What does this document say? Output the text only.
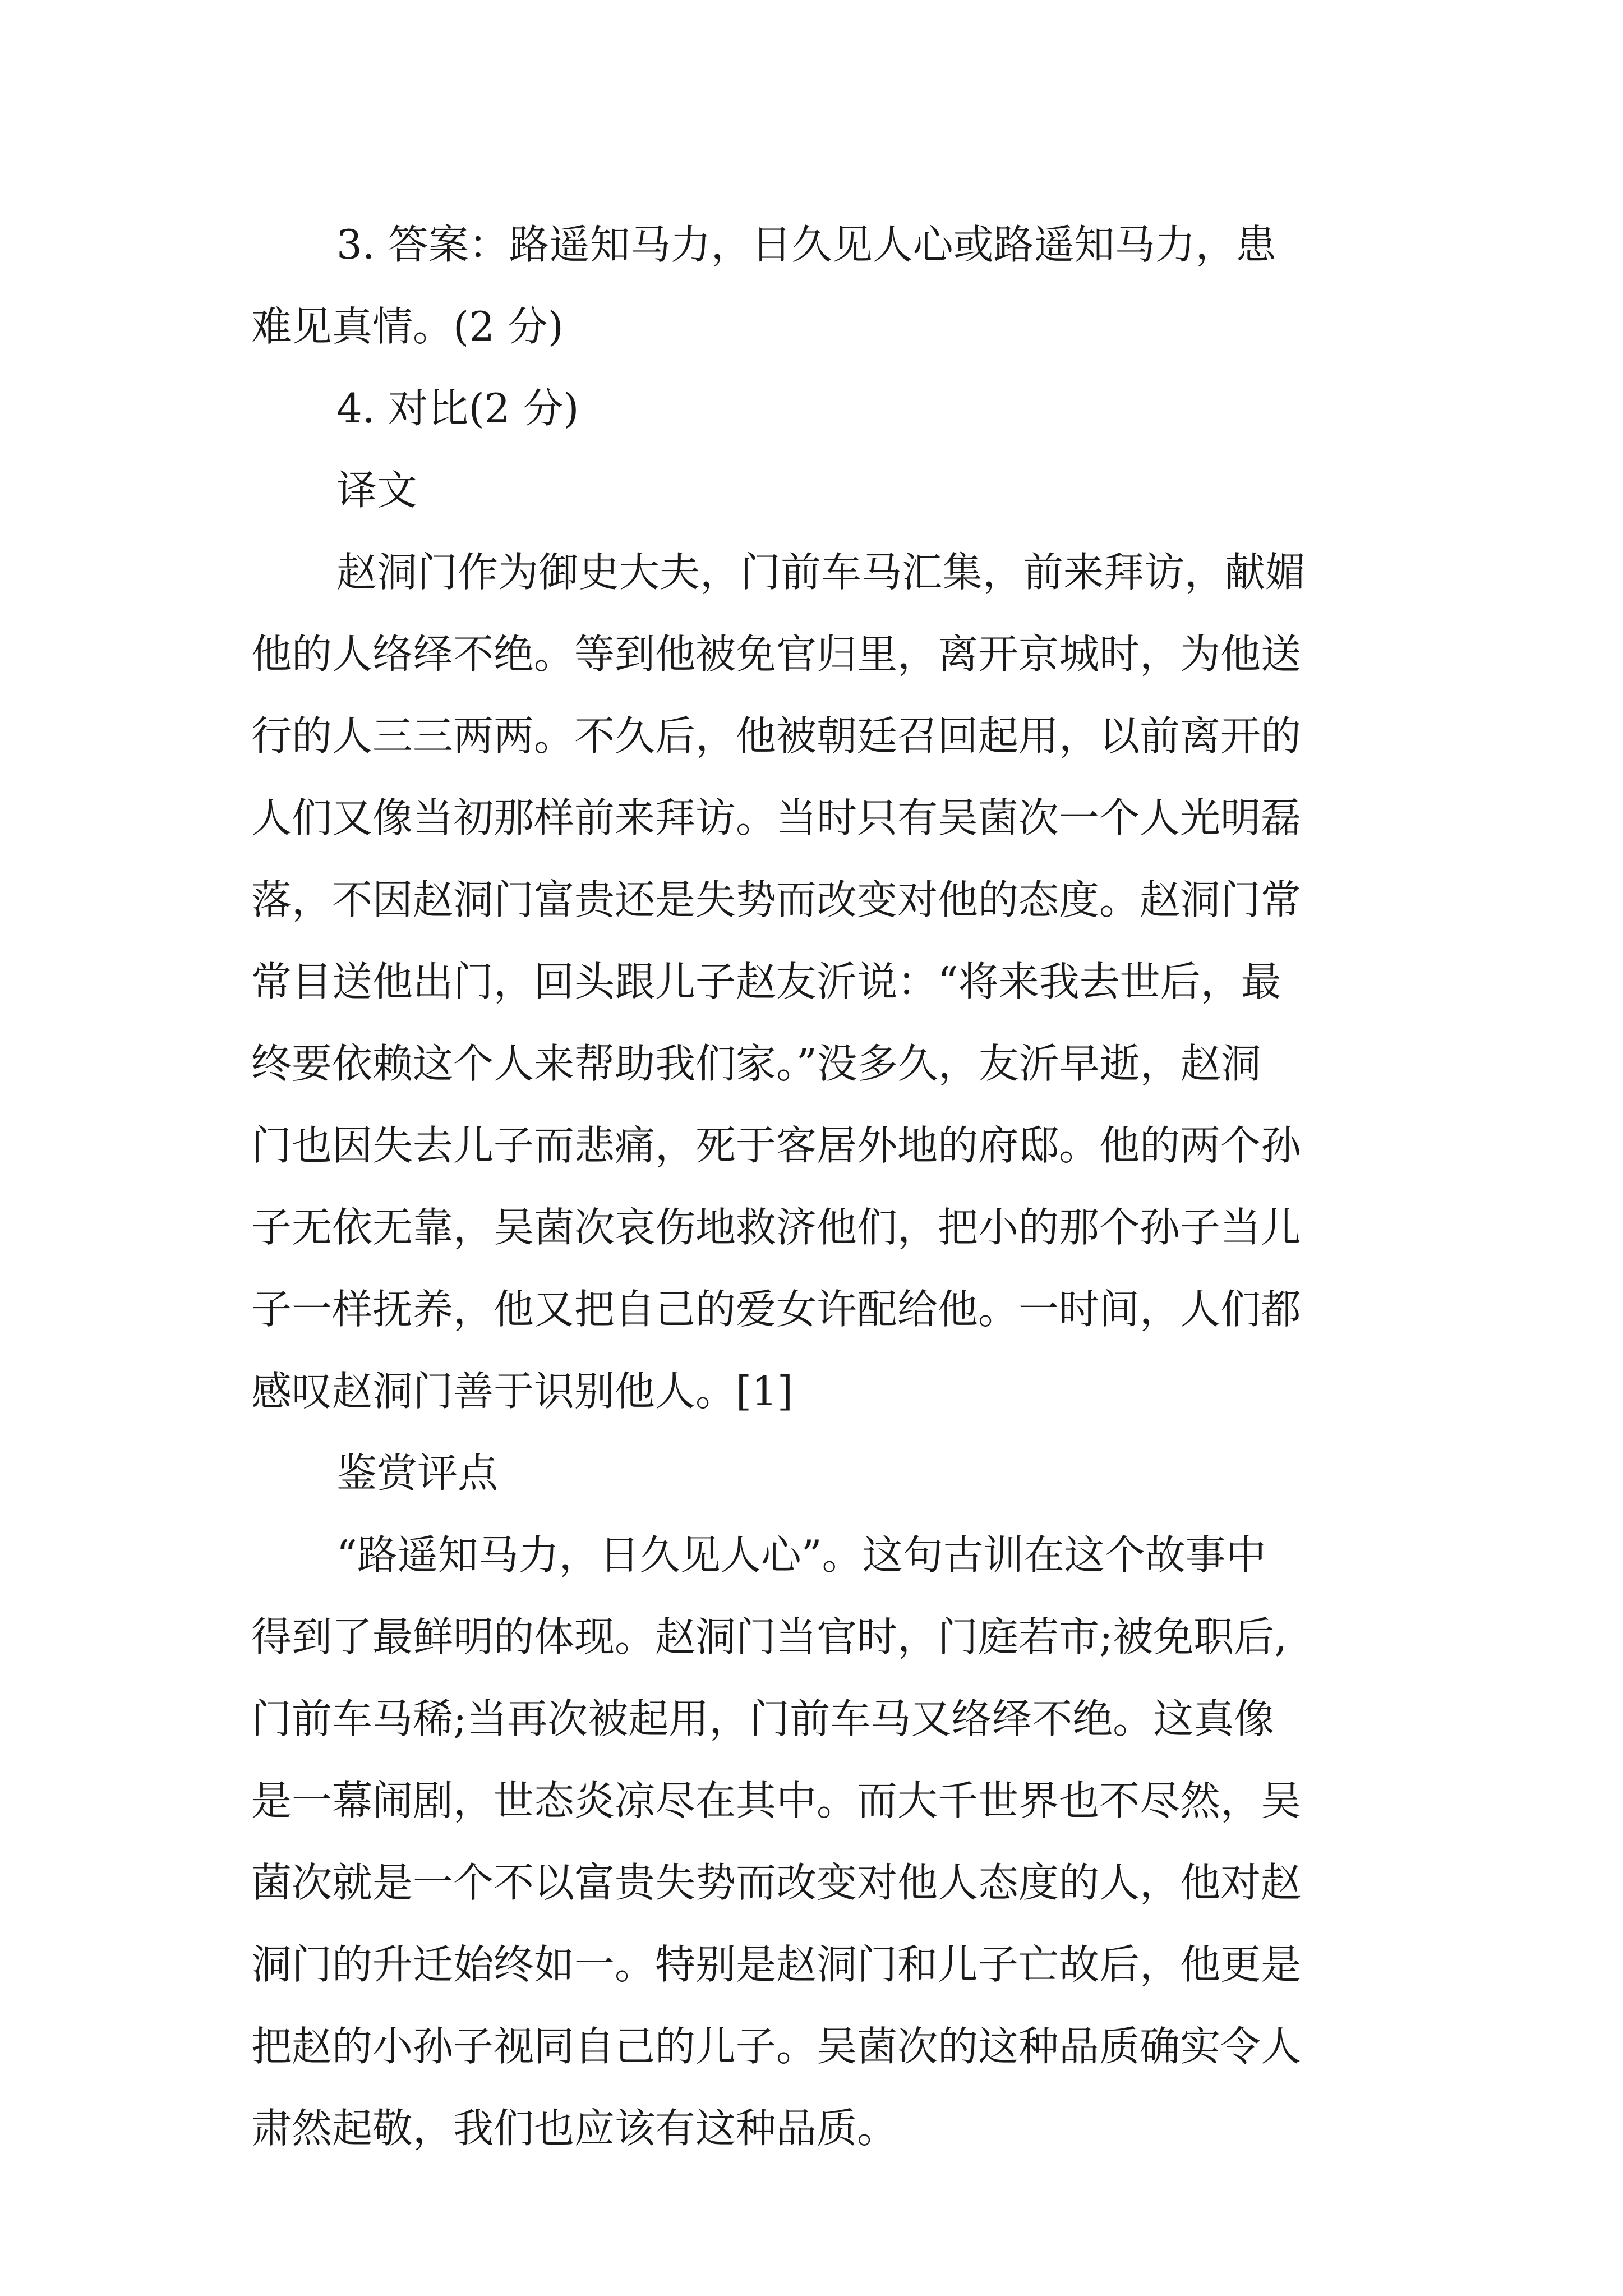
3. 答案：路遥知马力，日久见人心或路遥知马力，患
难见真情。(2 分)
4. 对比(2 分)
译文
赵洞门作为御史大夫，门前车马汇集，前来拜访，献媚
他的人络绎不绝。等到他被免官归里，离开京城时，为他送
行的人三三两两。不久后，他被朝廷召回起用，以前离开的
人们又像当初那样前来拜访。当时只有吴菌次一个人光明磊
落，不因赵洞门富贵还是失势而改变对他的态度。赵洞门常
常目送他出门，回头跟儿子赵友沂说：“将来我去世后，最
终要依赖这个人来帮助我们家。”没多久，友沂早逝，赵洞
门也因失去儿子而悲痛，死于客居外地的府邸。他的两个孙
子无依无靠，吴菌次哀伤地救济他们，把小的那个孙子当儿
子一样抚养，他又把自己的爱女许配给他。一时间，人们都
感叹赵洞门善于识别他人。[1]
鉴赏评点
“路遥知马力，日久见人心”。这句古训在这个故事中
得到了最鲜明的体现。赵洞门当官时，门庭若市;被免职后,
门前车马稀;当再次被起用，门前车马又络绎不绝。这真像
是一幕闹剧，世态炎凉尽在其中。而大千世界也不尽然，吴
菌次就是一个不以富贵失势而改变对他人态度的人，他对赵
洞门的升迁始终如一。特别是赵洞门和儿子亡故后，他更是
把赵的小孙子视同自己的儿子。吴菌次的这种品质确实令人
肃然起敬，我们也应该有这种品质。
